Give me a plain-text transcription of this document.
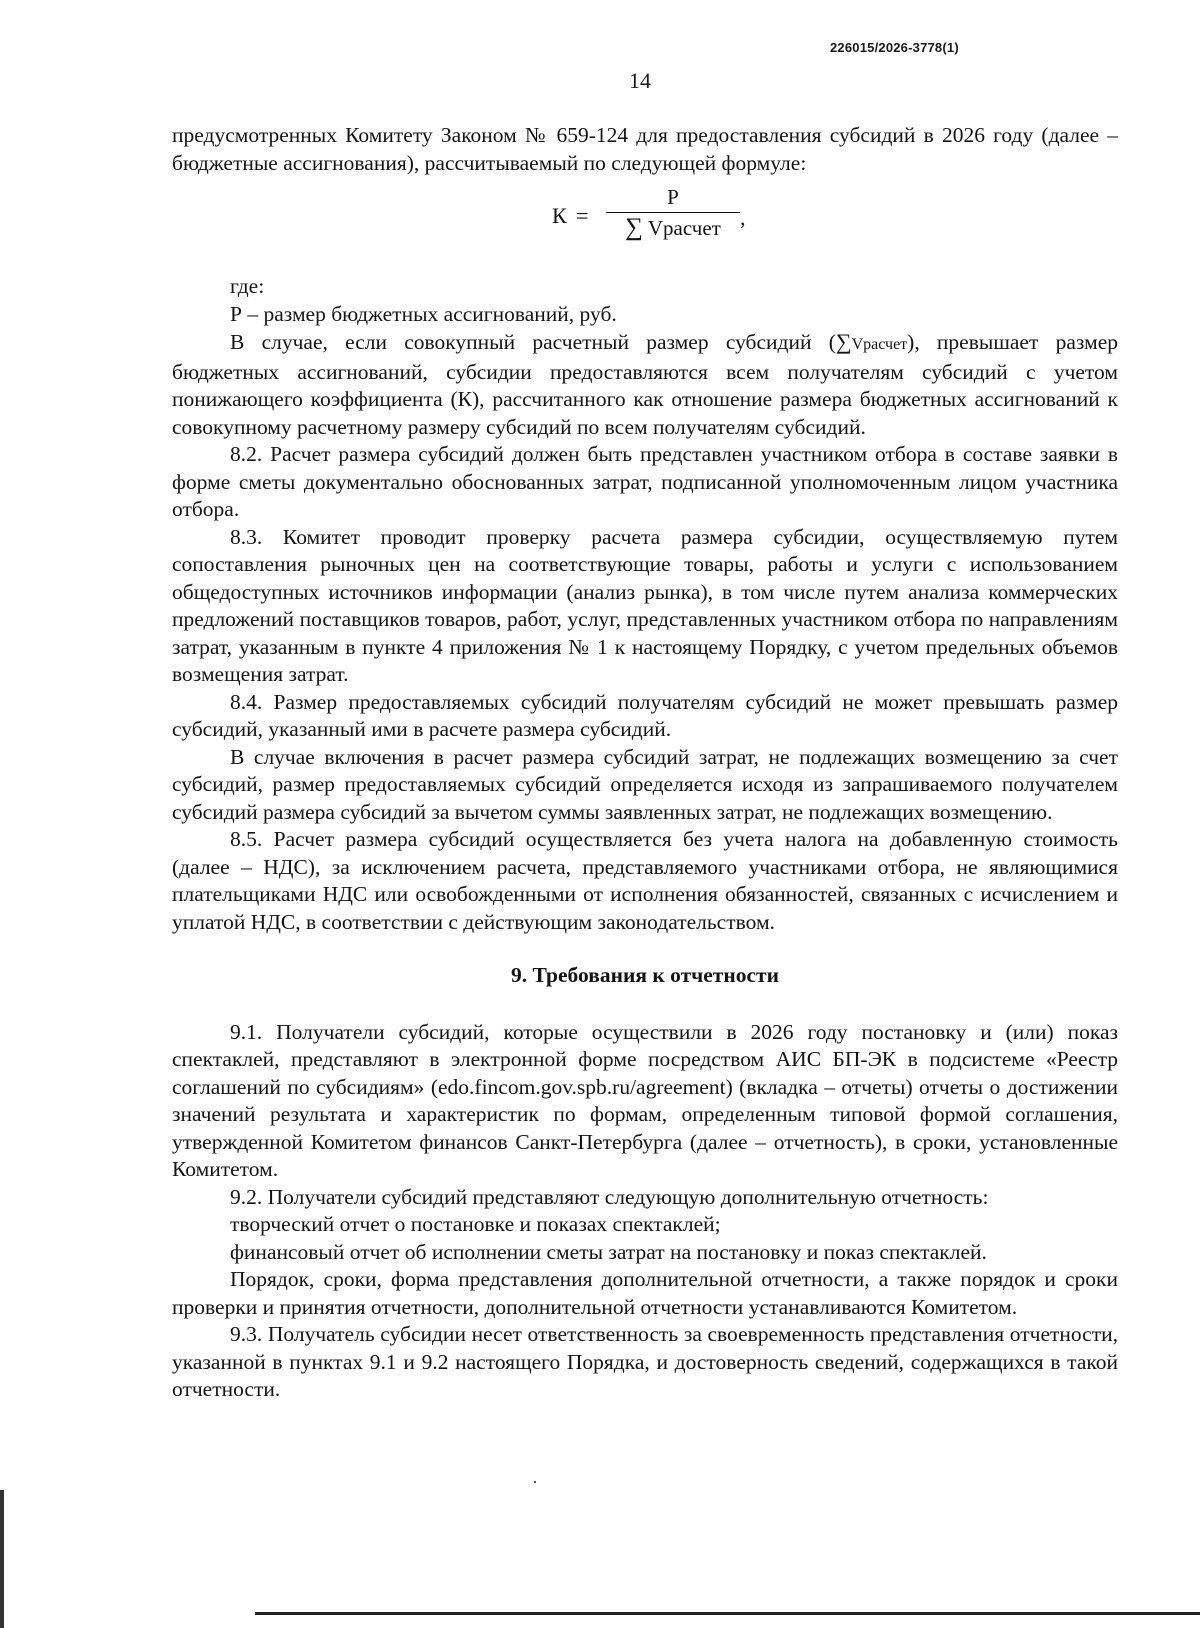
226015/2026-3778(1)
14

предусмотренных Комитету Законом № 659-124 для предоставления субсидий в 2026 году (далее – бюджетные ассигнования), рассчитываемый по следующей формуле:

К =
P
∑ Vрасчет ,

где:

Р – размер бюджетных ассигнований, руб.

В случае, если совокупный расчетный размер субсидий (∑Vрасчет), превышает размер бюджетных ассигнований, субсидии предоставляются всем получателям субсидий с учетом понижающего коэффициента (К), рассчитанного как отношение размера бюджетных ассигнований к совокупному расчетному размеру субсидий по всем получателям субсидий.

8.2. Расчет размера субсидий должен быть представлен участником отбора в составе заявки в форме сметы документально обоснованных затрат, подписанной уполномоченным лицом участника отбора.

8.3. Комитет проводит проверку расчета размера субсидии, осуществляемую путем сопоставления рыночных цен на соответствующие товары, работы и услуги с использованием общедоступных источников информации (анализ рынка), в том числе путем анализа коммерческих предложений поставщиков товаров, работ, услуг, представленных участником отбора по направлениям затрат, указанным в пункте 4 приложения № 1 к настоящему Порядку, с учетом предельных объемов возмещения затрат.

8.4. Размер предоставляемых субсидий получателям субсидий не может превышать размер субсидий, указанный ими в расчете размера субсидий.

В случае включения в расчет размера субсидий затрат, не подлежащих возмещению за счет субсидий, размер предоставляемых субсидий определяется исходя из запрашиваемого получателем субсидий размера субсидий за вычетом суммы заявленных затрат, не подлежащих возмещению.

8.5. Расчет размера субсидий осуществляется без учета налога на добавленную стоимость (далее – НДС), за исключением расчета, представляемого участниками отбора, не являющимися плательщиками НДС или освобожденными от исполнения обязанностей, связанных с исчислением и уплатой НДС, в соответствии с действующим законодательством.

9. Требования к отчетности

9.1. Получатели субсидий, которые осуществили в 2026 году постановку и (или) показ спектаклей, представляют в электронной форме посредством АИС БП-ЭК в подсистеме «Реестр соглашений по субсидиям» (edo.fincom.gov.spb.ru/agreement) (вкладка – отчеты) отчеты о достижении значений результата и характеристик по формам, определенным типовой формой соглашения, утвержденной Комитетом финансов Санкт-Петербурга (далее – отчетность), в сроки, установленные Комитетом.

9.2. Получатели субсидий представляют следующую дополнительную отчетность:

творческий отчет о постановке и показах спектаклей;

финансовый отчет об исполнении сметы затрат на постановку и показ спектаклей.

Порядок, сроки, форма представления дополнительной отчетности, а также порядок и сроки проверки и принятия отчетности, дополнительной отчетности устанавливаются Комитетом.

9.3. Получатель субсидии несет ответственность за своевременность представления отчетности, указанной в пунктах 9.1 и 9.2 настоящего Порядка, и достоверность сведений, содержащихся в такой отчетности.
